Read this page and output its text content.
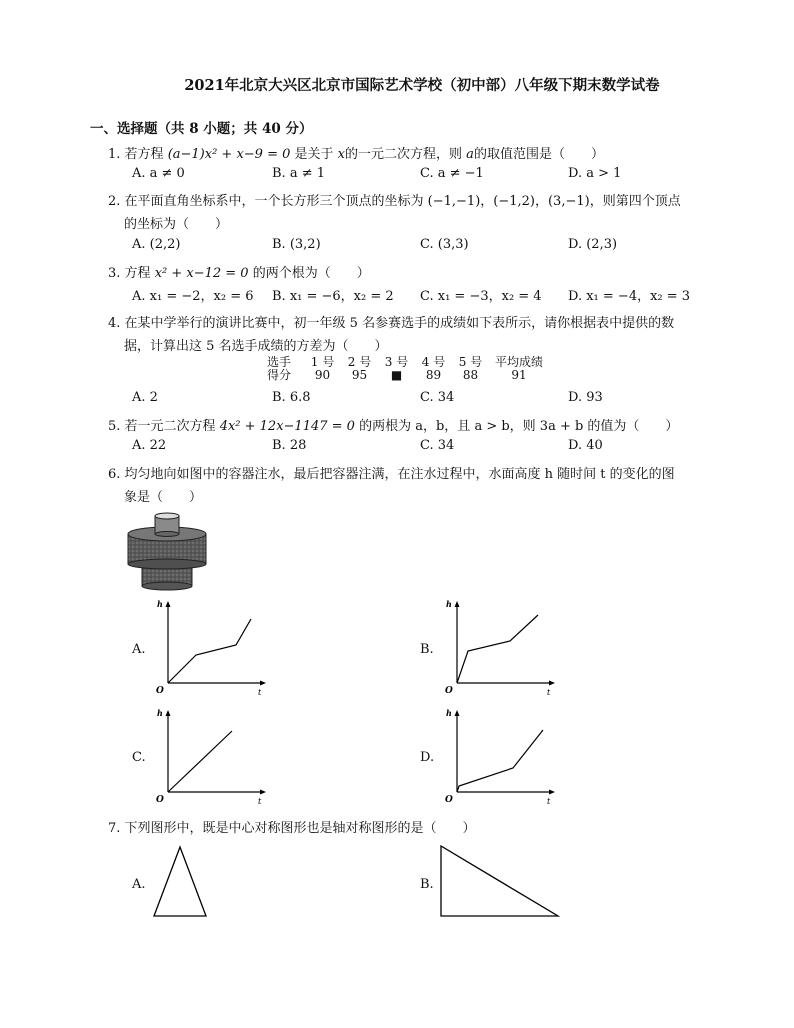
2021年北京大兴区北京市国际艺术学校（初中部）八年级下期末数学试卷
一、选择题（共 8 小题；共 40 分）
1. 若方程 (a−1)x² + x−9 = 0 是关于 x的一元二次方程，则 a的取值范围是（　　）
A. a ≠ 0	B. a ≠ 1	C. a ≠ −1	D. a > 1
2. 在平面直角坐标系中，一个长方形三个顶点的坐标为 (−1,−1)，(−1,2)，(3,−1)，则第四个顶点
的坐标为（　　）
A. (2,2)	B. (3,2)	C. (3,3)	D. (2,3)
3. 方程 x² + x−12 = 0 的两个根为（　　）
A. x₁ = −2，x₂ = 6 B. x₁ = −6，x₂ = 2 C. x₁ = −3，x₂ = 4 D. x₁ = −4，x₂ = 3
4. 在某中学举行的演讲比赛中，初一年级 5 名参赛选手的成绩如下表所示，请你根据表中提供的数
据，计算出这 5 名选手成绩的方差为（　　）
选手 1 号 2 号 3 号 4 号 5 号 平均成绩
得分 90 95 ■ 89 88	91
A. 2	B. 6.8	C. 34	D. 93
5. 若一元二次方程 4x² + 12x−1147 = 0 的两根为 a，b，且 a > b，则 3a + b 的值为（　　）
A. 22	B. 28	C. 34	D. 40
6. 均匀地向如图中的容器注水，最后把容器注满，在注水过程中，水面高度 h 随时间 t 的变化的图
象是（　　）
A.
h
t
O
B.
h
t
O
C.
h
t
O
D.
h
t
O
7. 下列图形中，既是中心对称图形也是轴对称图形的是（　　）
A.	B.
